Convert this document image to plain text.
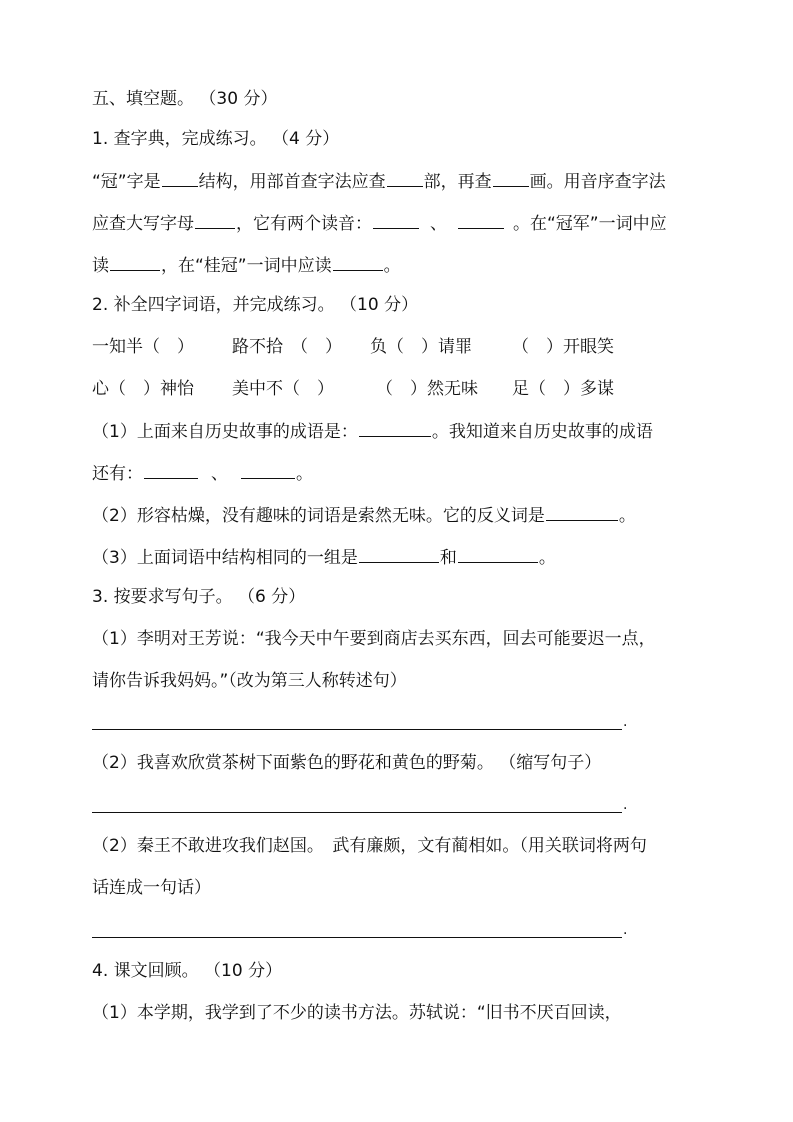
五、填空题。 （30 分）
1. 查字典，完成练习。 （4 分）
“冠”字是 结构，用部首查字法应查 部，再查 画。用音序查字法
应查大写字母 ，它有两个读音：	、	。在“冠军”一词中应
读	，在“桂冠”一词中应读	。
2. 补全四字词语，并完成练习。 （10 分）
一知半（　） 路不拾 （　） 负（　）请罪 （　）开眼笑
心（　）神怡 美中不（　） （　）然无味 足（　）多谋
（1）上面来自历史故事的成语是：	。我知道来自历史故事的成语
还有：	、	。
（2）形容枯燥，没有趣味的词语是索然无味。它的反义词是	。
（3）上面词语中结构相同的一组是	和	。
3. 按要求写句子。 （6 分）
（1）李明对王芳说：“我今天中午要到商店去买东西，回去可能要迟一点，
请你告诉我妈妈。”（改为第三人称转述句）
.
（2）我喜欢欣赏茶树下面紫色的野花和黄色的野菊。 （缩写句子）
.
（2）秦王不敢进攻我们赵国。　武有廉颇，文有蔺相如。（用关联词将两句
话连成一句话）
.
4. 课文回顾。 （10 分）
（1）本学期，我学到了不少的读书方法。苏轼说：“旧书不厌百回读，
